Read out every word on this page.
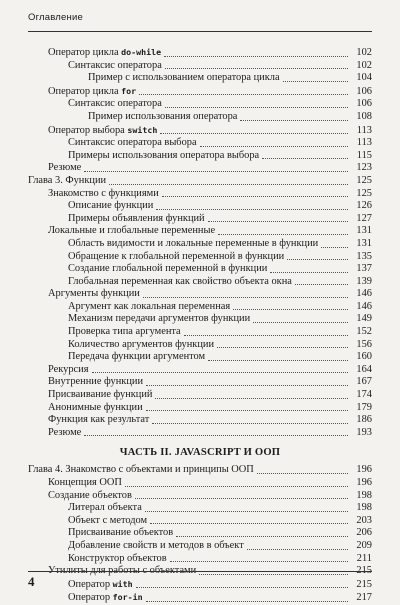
Оглавление
Оператор цикла do-while	102
Синтаксис оператора	102
Пример с использованием оператора цикла	104
Оператор цикла for	106
Синтаксис оператора	106
Пример использования оператора	108
Оператор выбора switch	113
Синтаксис оператора выбора	113
Примеры использования оператора выбора	115
Резюме	123
Глава 3. Функции	125
Знакомство с функциями	125
Описание функции	126
Примеры объявления функций	127
Локальные и глобальные переменные	131
Область видимости и локальные переменные в функции	131
Обращение к глобальной переменной в функции	135
Создание глобальной переменной в функции	137
Глобальная переменная как свойство объекта окна	139
Аргументы функции	146
Аргумент как локальная переменная	146
Механизм передачи аргументов функции	149
Проверка типа аргумента	152
Количество аргументов функции	156
Передача функции аргументом	160
Рекурсия	164
Внутренние функции	167
Присваивание функций	174
Анонимные функции	179
Функция как результат	186
Резюме	193
ЧАСТЬ II. JAVASCRIPT И ООП
Глава 4. Знакомство с объектами и принципы ООП	196
Концепция ООП	196
Создание объектов	198
Литерал объекта	198
Объект с методом	203
Присваивание объектов	206
Добавление свойств и методов в объект	209
Конструктор объектов	211
Утилиты для работы с объектами	215
Оператор with	215
Оператор for-in	217
4
